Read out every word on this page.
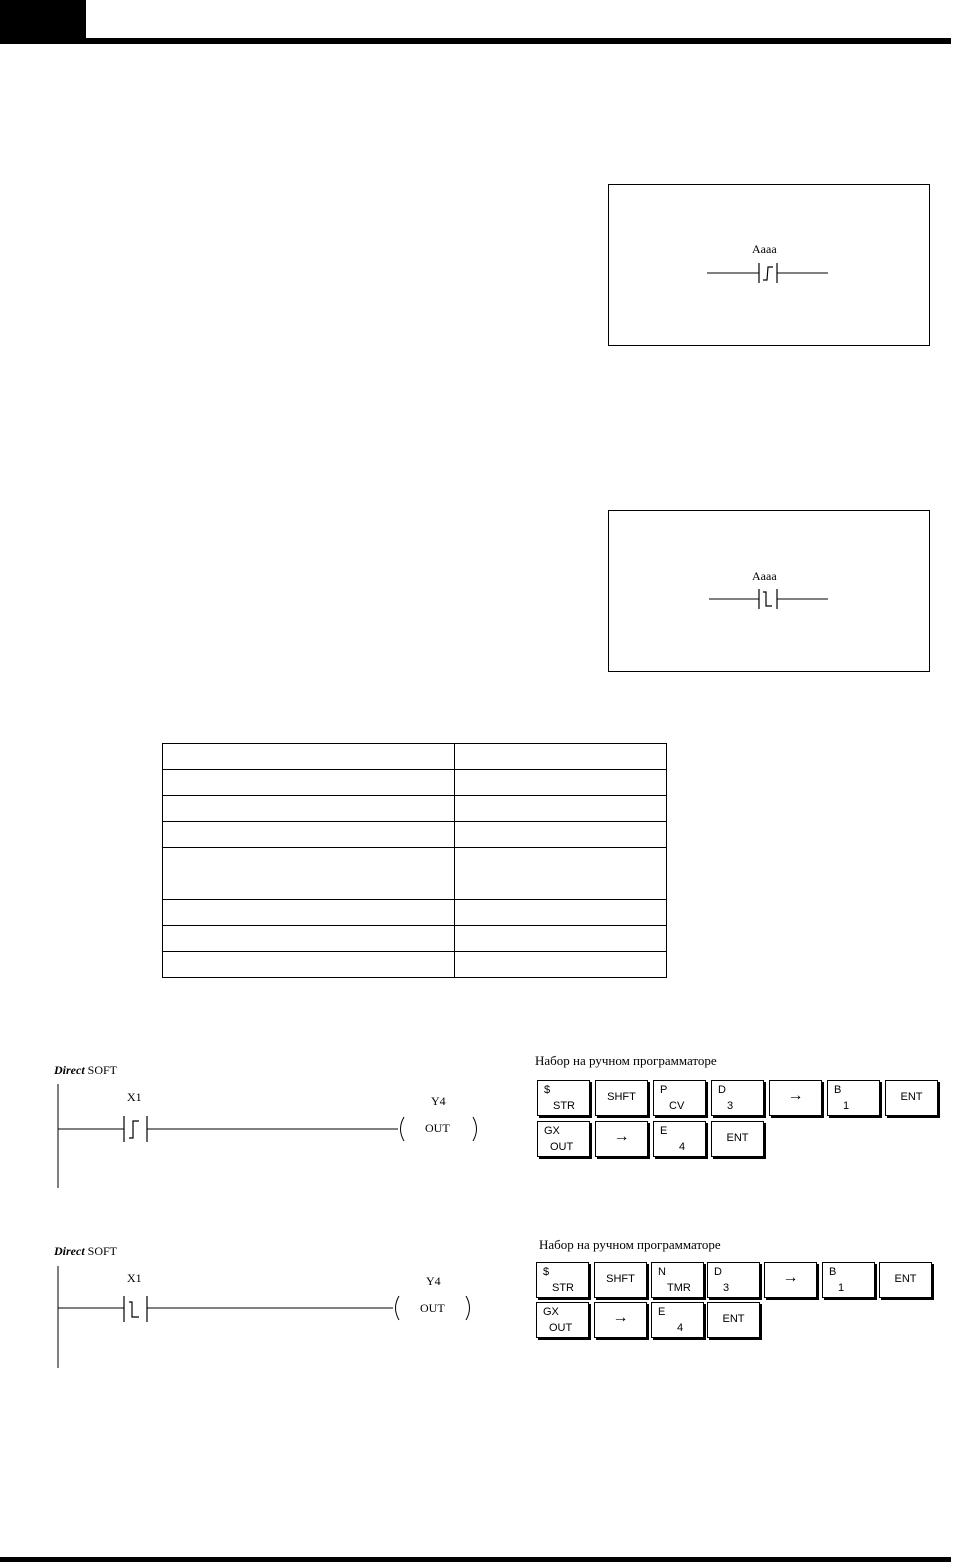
Aaaa
Aaaa

Direct SOFT
X1	Y4
OUT
Набор на ручном программаторе
$
STR
SHFT
P
CV
D
3
→	B
1
ENT
GX
OUT
→	E
4
ENT
Direct SOFT
X1	Y4
OUT
Набор на ручном программаторе
$
STR
SHFT
N
TMR
D
3
→	B
1
ENT
GX
OUT
→	E
4
ENT
